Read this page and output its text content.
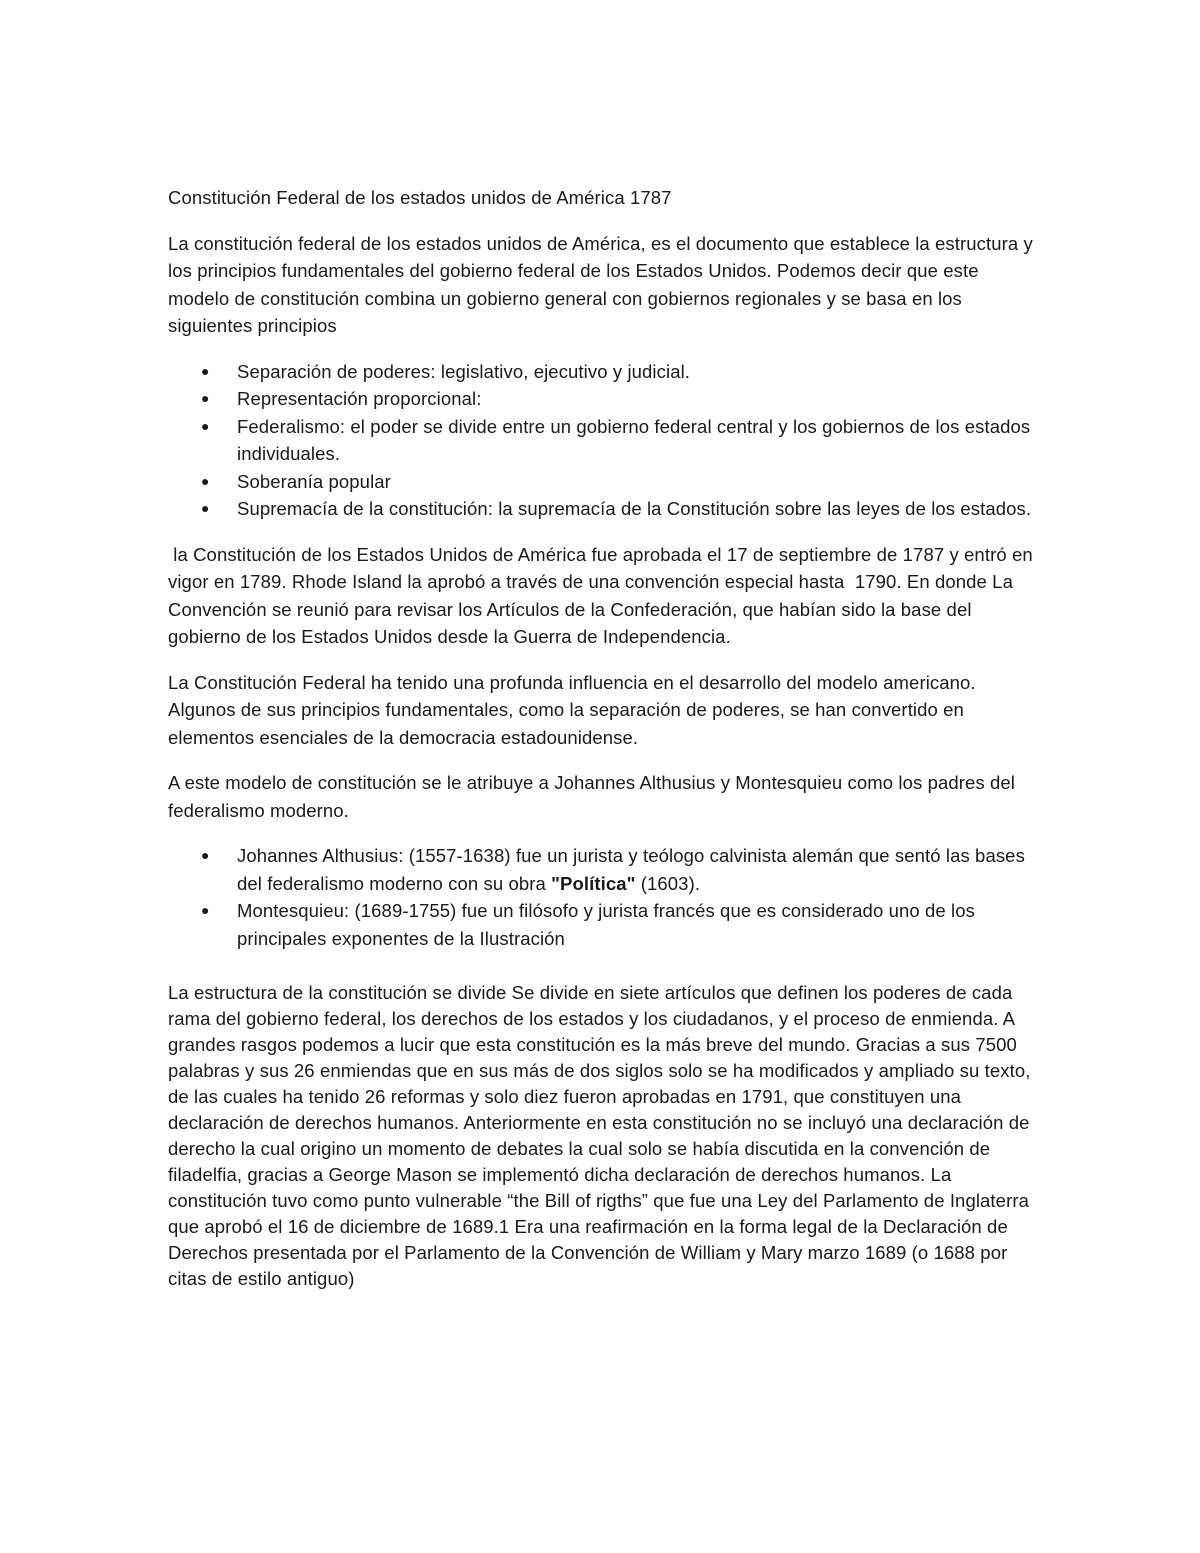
Constitución Federal de los estados unidos de América 1787

La constitución federal de los estados unidos de América, es el documento que establece la estructura y los principios fundamentales del gobierno federal de los Estados Unidos. Podemos decir que este modelo de constitución combina un gobierno general con gobiernos regionales y se basa en los siguientes principios

● Separación de poderes: legislativo, ejecutivo y judicial.
● Representación proporcional:
● Federalismo: el poder se divide entre un gobierno federal central y los gobiernos de los estados individuales.
● Soberanía popular
● Supremacía de la constitución: la supremacía de la Constitución sobre las leyes de los estados.

la Constitución de los Estados Unidos de América fue aprobada el 17 de septiembre de 1787 y entró en vigor en 1789. Rhode Island la aprobó a través de una convención especial hasta  1790. En donde La Convención se reunió para revisar los Artículos de la Confederación, que habían sido la base del gobierno de los Estados Unidos desde la Guerra de Independencia.

La Constitución Federal ha tenido una profunda influencia en el desarrollo del modelo americano. Algunos de sus principios fundamentales, como la separación de poderes, se han convertido en elementos esenciales de la democracia estadounidense.

A este modelo de constitución se le atribuye a Johannes Althusius y Montesquieu como los padres del federalismo moderno.

● Johannes Althusius: (1557-1638) fue un jurista y teólogo calvinista alemán que sentó las bases del federalismo moderno con su obra "Política" (1603).
● Montesquieu: (1689-1755) fue un filósofo y jurista francés que es considerado uno de los principales exponentes de la Ilustración

La estructura de la constitución se divide Se divide en siete artículos que definen los poderes de cada rama del gobierno federal, los derechos de los estados y los ciudadanos, y el proceso de enmienda. A grandes rasgos podemos a lucir que esta constitución es la más breve del mundo. Gracias a sus 7500 palabras y sus 26 enmiendas que en sus más de dos siglos solo se ha modificados y ampliado su texto, de las cuales ha tenido 26 reformas y solo diez fueron aprobadas en 1791, que constituyen una declaración de derechos humanos. Anteriormente en esta constitución no se incluyó una declaración de derecho la cual origino un momento de debates la cual solo se había discutida en la convención de filadelfia, gracias a George Mason se implementó dicha declaración de derechos humanos. La constitución tuvo como punto vulnerable “the Bill of rigths” que fue una Ley del Parlamento de Inglaterra que aprobó el 16 de diciembre de 1689.1 Era una reafirmación en la forma legal de la Declaración de Derechos presentada por el Parlamento de la Convención de William y Mary marzo 1689 (o 1688 por citas de estilo antiguo)
